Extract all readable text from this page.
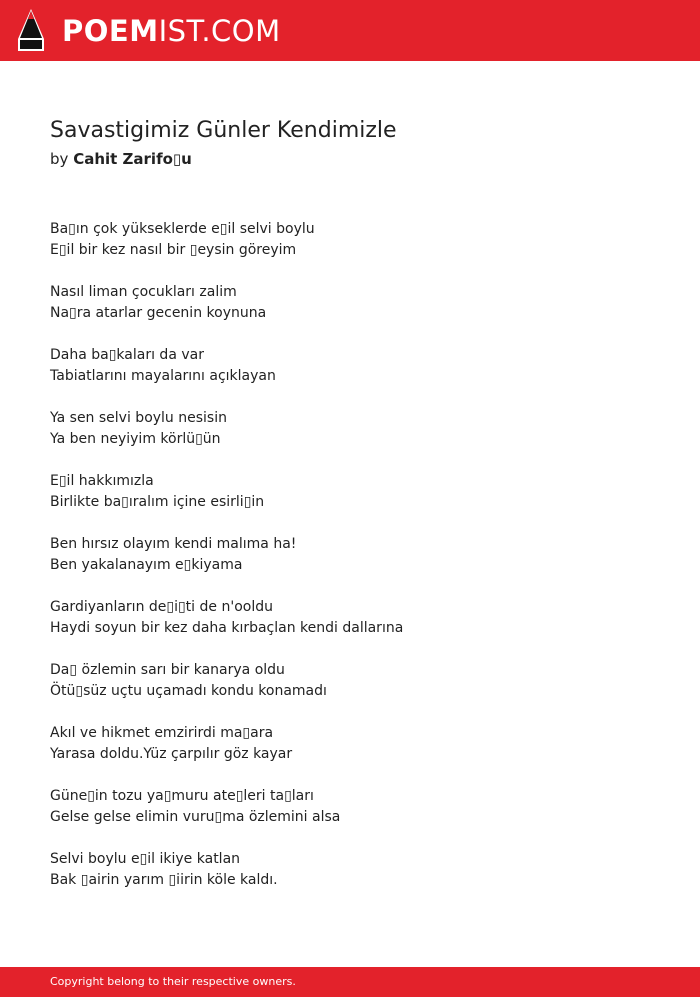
POEMIST.COM
Savastigimiz Günler Kendimizle
by Cahit Zarifo▯u
Ba▯ın çok yükseklerde e▯il selvi boylu
E▯il bir kez nasıl bir ▯eysin göreyim
Nasıl liman çocukları zalim
Na▯ra atarlar gecenin koynuna
Daha ba▯kaları da var
Tabiatlarını mayalarını açıklayan
Ya sen selvi boylu nesisin
Ya ben neyiyim körlü▯ün
E▯il hakkımızla
Birlikte ba▯ıralım içine esirli▯in
Ben hırsız olayım kendi malıma ha!
Ben yakalanayım e▯kiyama
Gardiyanların de▯i▯ti de n'ooldu
Haydi soyun bir kez daha kırbaçlan kendi dallarına
Da▯ özlemin sarı bir kanarya oldu
Ötü▯süz uçtu uçamadı kondu konamadı
Akıl ve hikmet emzirirdi ma▯ara
Yarasa doldu.Yüz çarpılır göz kayar
Güne▯in tozu ya▯muru ate▯leri ta▯ları
Gelse gelse elimin vuru▯ma özlemini alsa
Selvi boylu e▯il ikiye katlan
Bak ▯airin yarım ▯iirin köle kaldı.
Copyright belong to their respective owners.
